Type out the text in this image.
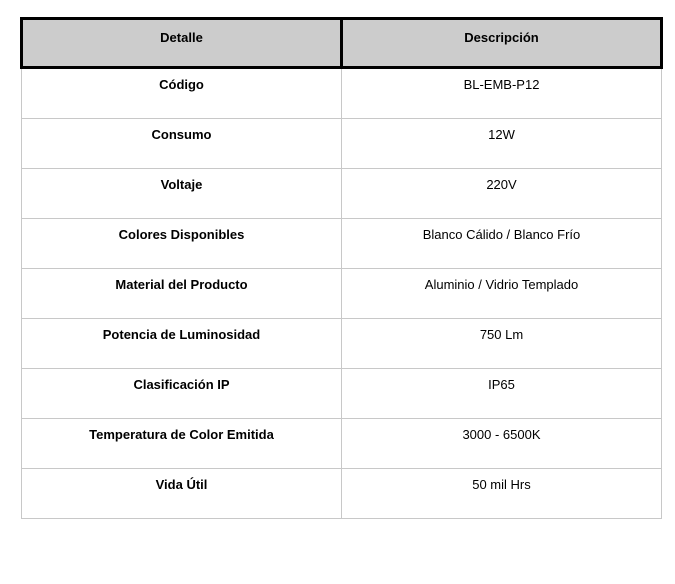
Detalle	Descripción

Código	BL-EMB-P12

Consumo	12W

Voltaje	220V

Colores Disponibles	Blanco Cálido / Blanco Frío

Material del Producto	Aluminio / Vidrio Templado

Potencia de Luminosidad	750 Lm

Clasificación IP	IP65

Temperatura de Color Emitida	3000 - 6500K

Vida Útil	50 mil Hrs
